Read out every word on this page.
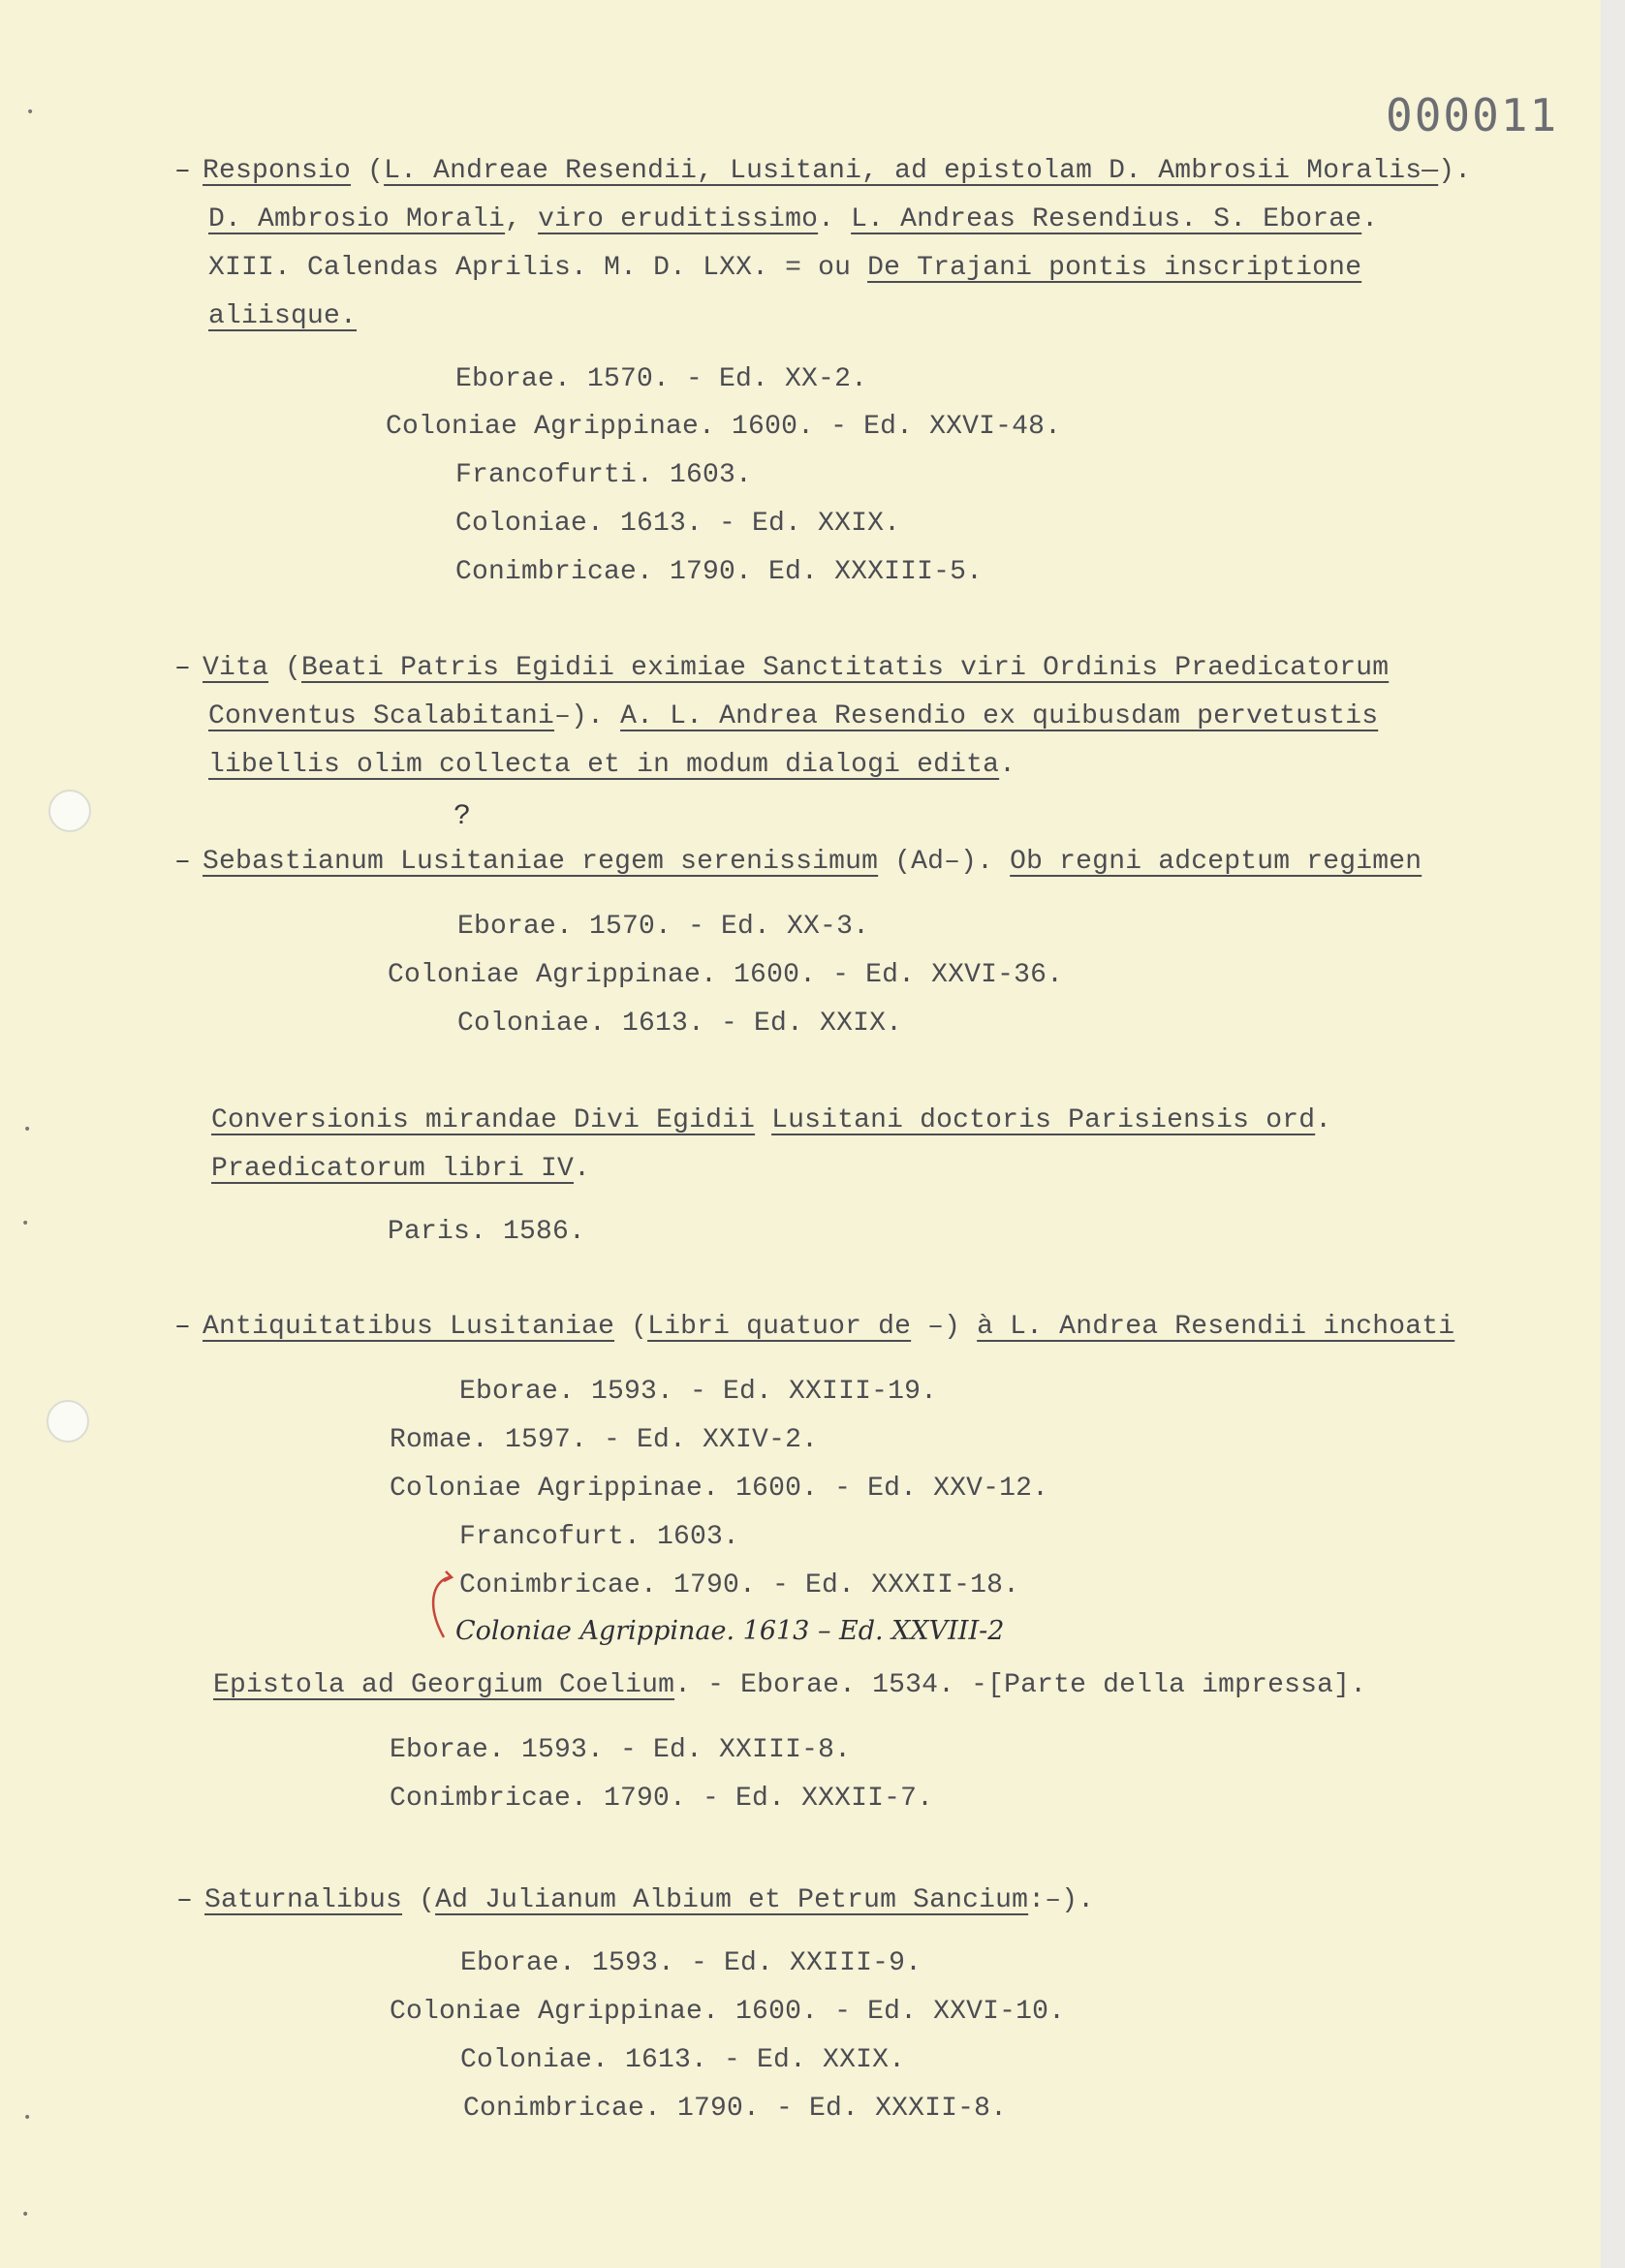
000011
•
•
•
•
•
?
– Responsio (L. Andreae Resendii, Lusitani, ad epistolam D. Ambrosii Moralis—).
D. Ambrosio Morali, viro eruditissimo. L. Andreas Resendius. S. Eborae.
XIII. Calendas Aprilis. M. D. LXX. = ou De Trajani pontis inscriptione
aliisque.
Eborae. 1570. - Ed. XX-2.
Coloniae Agrippinae. 1600. - Ed. XXVI-48.
Francofurti. 1603.
Coloniae. 1613. - Ed. XXIX.
Conimbricae. 1790. Ed. XXXIII-5.
– Vita (Beati Patris Egidii eximiae Sanctitatis viri Ordinis Praedicatorum
Conventus Scalabitani–). A. L. Andrea Resendio ex quibusdam pervetustis
libellis olim collecta et in modum dialogi edita.
– Sebastianum Lusitaniae regem serenissimum (Ad–). Ob regni adceptum regimen
Eborae. 1570. - Ed. XX-3.
Coloniae Agrippinae. 1600. - Ed. XXVI-36.
Coloniae. 1613. - Ed. XXIX.
Conversionis mirandae Divi Egidii Lusitani doctoris Parisiensis ord.
Praedicatorum libri IV.
Paris. 1586.
– Antiquitatibus Lusitaniae (Libri quatuor de –) à L. Andrea Resendii inchoati
Eborae. 1593. - Ed. XXIII-19.
Romae. 1597. - Ed. XXIV-2.
Coloniae Agrippinae. 1600. - Ed. XXV-12.
Francofurt. 1603.
Conimbricae. 1790. - Ed. XXXII-18.
Coloniae Agrippinae. 1613 – Ed. XXVIII-2
Epistola ad Georgium Coelium. - Eborae. 1534. -[Parte della impressa].
Eborae. 1593. - Ed. XXIII-8.
Conimbricae. 1790. - Ed. XXXII-7.
– Saturnalibus (Ad Julianum Albium et Petrum Sancium:–).
Eborae. 1593. - Ed. XXIII-9.
Coloniae Agrippinae. 1600. - Ed. XXVI-10.
Coloniae. 1613. - Ed. XXIX.
Conimbricae. 1790. - Ed. XXXII-8.
